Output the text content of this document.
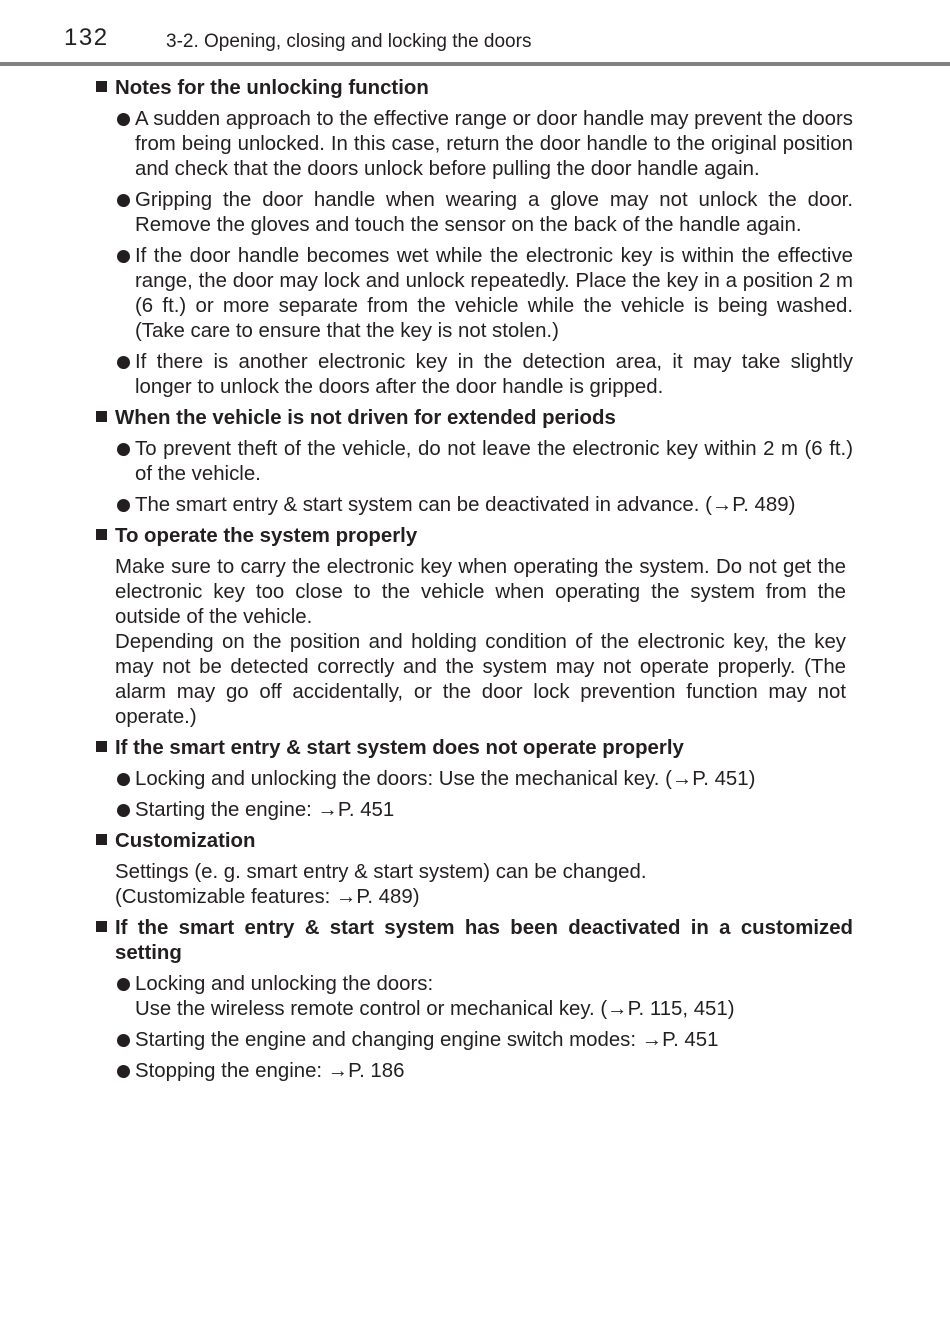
132	3-2. Opening, closing and locking the doors
Notes for the unlocking function
A sudden approach to the effective range or door handle may prevent the doors from being unlocked. In this case, return the door handle to the original position and check that the doors unlock before pulling the door handle again.
Gripping the door handle when wearing a glove may not unlock the door. Remove the gloves and touch the sensor on the back of the handle again.
If the door handle becomes wet while the electronic key is within the effective range, the door may lock and unlock repeatedly. Place the key in a position 2 m (6 ft.) or more separate from the vehicle while the vehicle is being washed. (Take care to ensure that the key is not stolen.)
If there is another electronic key in the detection area, it may take slightly longer to unlock the doors after the door handle is gripped.
When the vehicle is not driven for extended periods
To prevent theft of the vehicle, do not leave the electronic key within 2 m (6 ft.) of the vehicle.
The smart entry & start system can be deactivated in advance. (→P. 489)
To operate the system properly
Make sure to carry the electronic key when operating the system. Do not get the electronic key too close to the vehicle when operating the system from the outside of the vehicle.
Depending on the position and holding condition of the electronic key, the key may not be detected correctly and the system may not operate properly. (The alarm may go off accidentally, or the door lock prevention function may not operate.)
If the smart entry & start system does not operate properly
Locking and unlocking the doors: Use the mechanical key. (→P. 451)
Starting the engine: →P. 451
Customization
Settings (e. g. smart entry & start system) can be changed.
(Customizable features: →P. 489)
If the smart entry & start system has been deactivated in a customized setting
Locking and unlocking the doors:
Use the wireless remote control or mechanical key. (→P. 115, 451)
Starting the engine and changing engine switch modes: →P. 451
Stopping the engine: →P. 186
